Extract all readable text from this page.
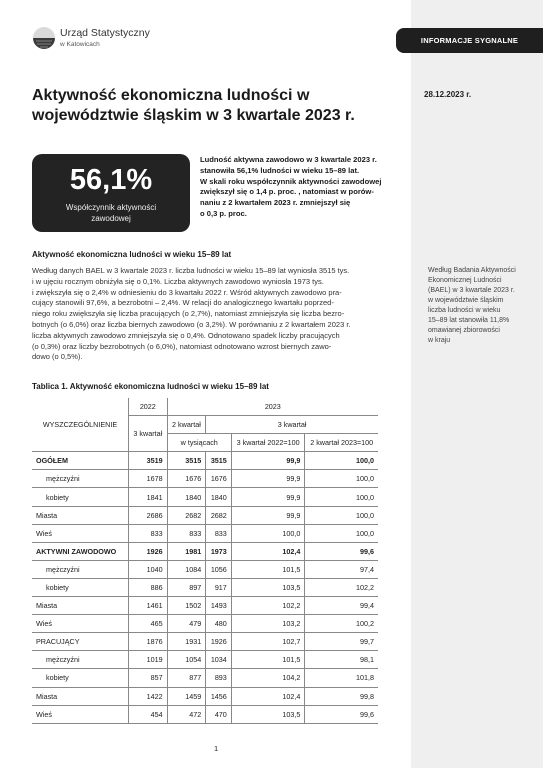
Urząd Statystyczny
w Katowicach	INFORMACJE SYGNALNE
Aktywność ekonomiczna ludności w województwie śląskim w 3 kwartale 2023 r.
28.12.2023 r.
56,1%
Współczynnik aktywności zawodowej
Ludność aktywna zawodowo w 3 kwartale 2023 r.
stanowiła 56,1% ludności w wieku 15–89 lat.
W skali roku współczynnik aktywności zawodowej
zwiększył się o 1,4 p. proc. , natomiast w porów-
naniu z 2 kwartałem 2023 r. zmniejszył się
o 0,3 p. proc.
Aktywność ekonomiczna ludności w wieku 15–89 lat

Według danych BAEL w 3 kwartale 2023 r. liczba ludności w wieku 15–89 lat wyniosła 3515 tys.

i w ujęciu rocznym obniżyła się o 0,1%. Liczba aktywnych zawodowo wyniosła 1973 tys.

i zwiększyła się o 2,4% w odniesieniu do 3 kwartału 2022 r. Wśród aktywnych zawodowo pra-

cujący stanowili 97,6%, a bezrobotni – 2,4%. W relacji do analogicznego kwartału poprzed-

niego roku zwiększyła się liczba pracujących (o 2,7%), natomiast zmniejszyła się liczba bezro-

botnych (o 6,0%) oraz liczba biernych zawodowo (o 3,2%). W porównaniu z 2 kwartałem 2023 r.

liczba aktywnych zawodowo zmniejszyła się o 0,4%. Odnotowano spadek liczby pracujących

(o 0,3%) oraz liczby bezrobotnych (o 6,0%), natomiast odnotowano wzrost biernych zawo-

dowo (o 0,5%).

Według Badania Aktywności
Ekonomicznej Ludności
(BAEL) w 3 kwartale 2023 r.
w województwie śląskim
liczba ludności w wieku
15–89 lat stanowiła 11,8%
omawianej zbiorowości
w kraju
Tablica 1. Aktywność ekonomiczna ludności w wieku 15–89 lat
WYSZCZEGÓLNIENIE	2022	2023			
	3 kwartał	2 kwartał	3 kwartał		
		w tysiącach		3 kwartał 2022=100	2 kwartał 2023=100
OGÓŁEM	3519	3515	3515	99,9	100,0
mężczyźni	1678	1676	1676	99,9	100,0
kobiety	1841	1840	1840	99,9	100,0
Miasta	2686	2682	2682	99,9	100,0
Wieś	833	833	833	100,0	100,0
AKTYWNI ZAWODOWO	1926	1981	1973	102,4	99,6
mężczyźni	1040	1084	1056	101,5	97,4
kobiety	886	897	917	103,5	102,2
Miasta	1461	1502	1493	102,2	99,4
Wieś	465	479	480	103,2	100,2
PRACUJĄCY	1876	1931	1926	102,7	99,7
mężczyźni	1019	1054	1034	101,5	98,1
kobiety	857	877	893	104,2	101,8
Miasta	1422	1459	1456	102,4	99,8
Wieś	454	472	470	103,5	99,6
1
